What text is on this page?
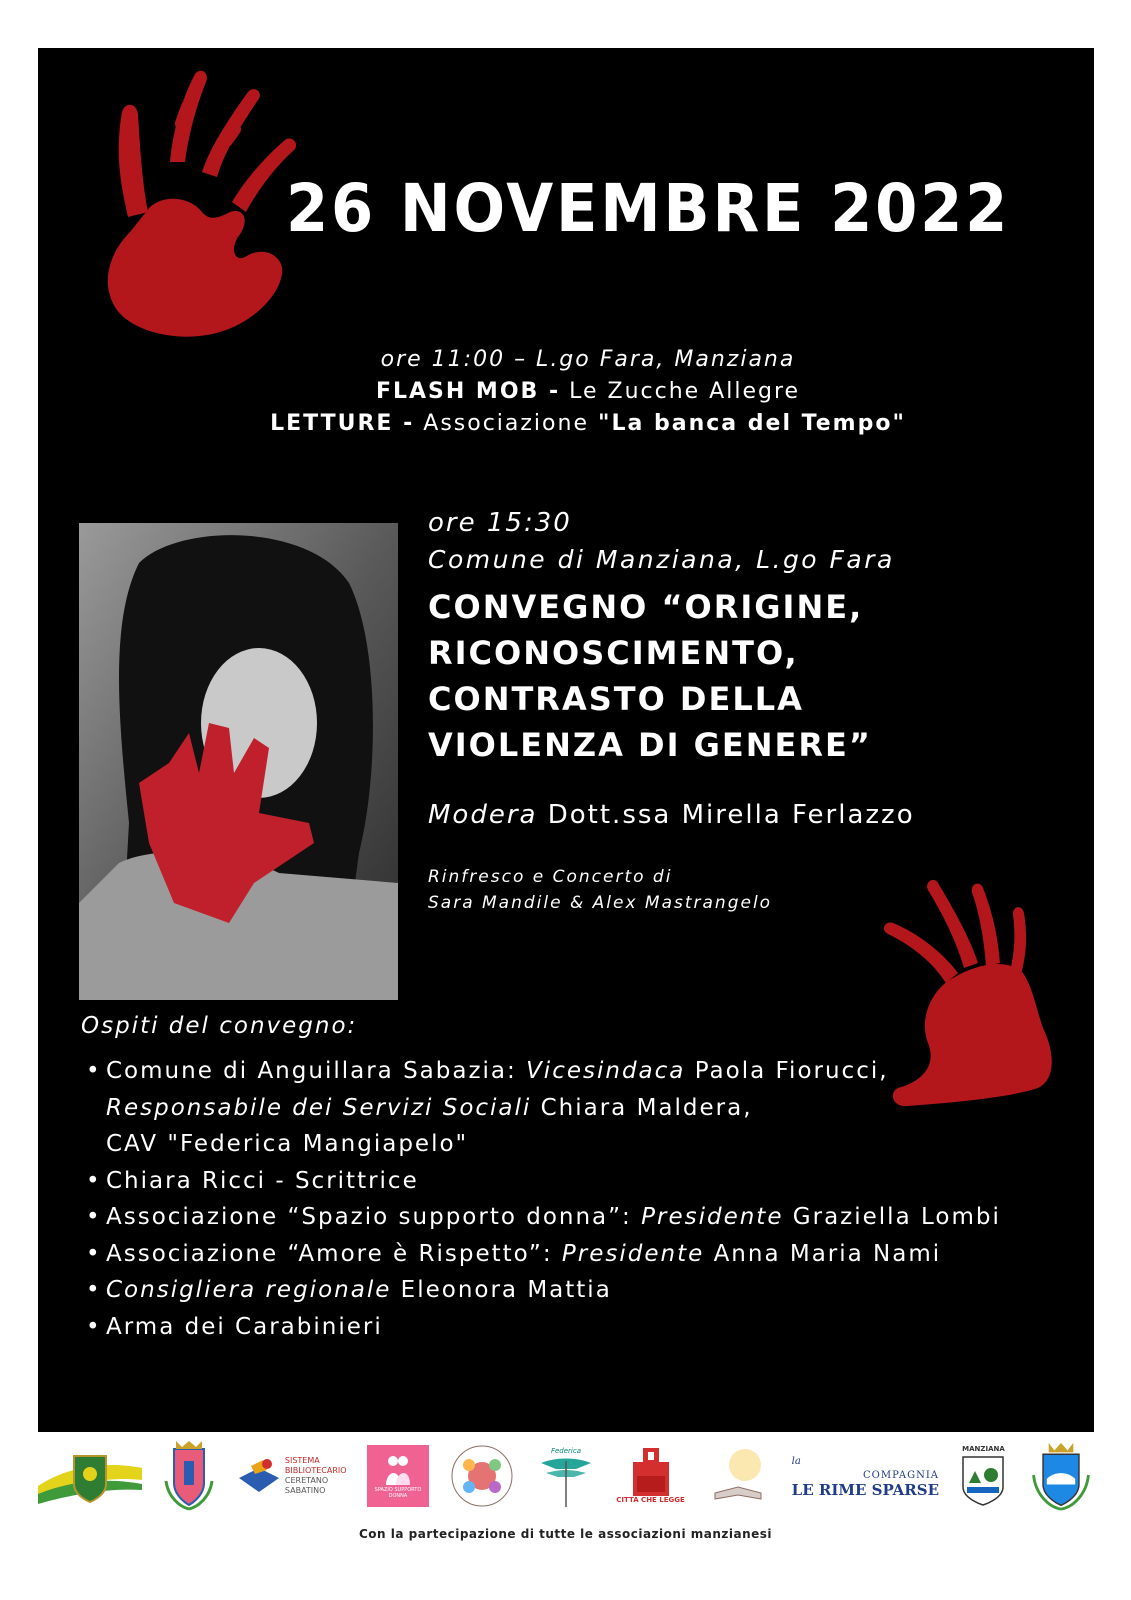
26 NOVEMBRE 2022
ore 11:00 – L.go Fara, Manziana
FLASH MOB - Le Zucche Allegre
LETTURE - Associazione "La banca del Tempo"
ore 15:30
Comune di Manziana, L.go Fara
CONVEGNO “ORIGINE,
RICONOSCIMENTO,
CONTRASTO DELLA
VIOLENZA DI GENERE”
Modera Dott.ssa Mirella Ferlazzo
Rinfresco e Concerto di
Sara Mandile & Alex Mastrangelo
Ospiti del convegno:
• Comune di Anguillara Sabazia: Vicesindaca Paola Fiorucci,
Responsabile dei Servizi Sociali Chiara Maldera,
CAV "Federica Mangiapelo"
• Chiara Ricci - Scrittrice
• Associazione “Spazio supporto donna”: Presidente Graziella Lombi
• Associazione “Amore è Rispetto”: Presidente Anna Maria Nami
• Consigliera regionale Eleonora Mattia
• Arma dei Carabinieri
SISTEMA
BIBLIOTECARIO
CERETANO
SABATINO	SPAZIO SUPPORTO DONNA
Federica
CITTÀ CHE LEGGE
la
COMPAGNIA
LE RIME SPARSE
MANZIANA
Con la partecipazione di tutte le associazioni manzianesi
